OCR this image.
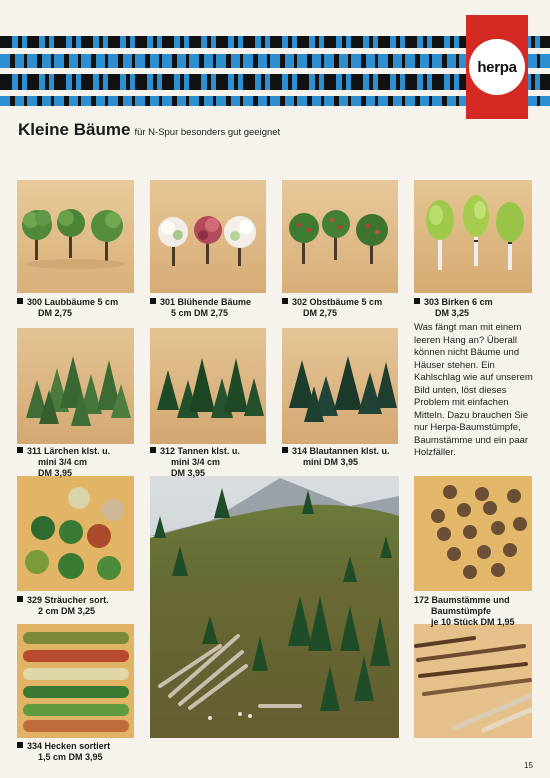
herpa
Kleine Bäume für N-Spur besonders gut geeignet
300 Laubbäume 5 cm
DM 2,75
301 Blühende Bäume
5 cm DM 2,75
302 Obstbäume 5 cm
DM 2,75
303 Birken 6 cm
DM 3,25
311 Lärchen klst. u.
mini 3/4 cm
DM 3,95
312 Tannen klst. u.
mini 3/4 cm
DM 3,95
314 Blautannen klst. u.
mini DM 3,95
329 Sträucher sort.
2 cm DM 3,25
172 Baumstämme und
Baumstümpfe
je 10 Stück DM 1,95
334 Hecken sortiert
1,5 cm DM 3,95
Was fängt man mit einem leeren Hang an? Überall können nicht Bäume und Häuser stehen. Ein Kahlschlag wie auf unserem Bild unten, löst dieses Problem mit einfachen Mitteln. Dazu brauchen Sie nur Herpa-Baumstümpfe, Baumstämme und ein paar Holzfäller.
15
